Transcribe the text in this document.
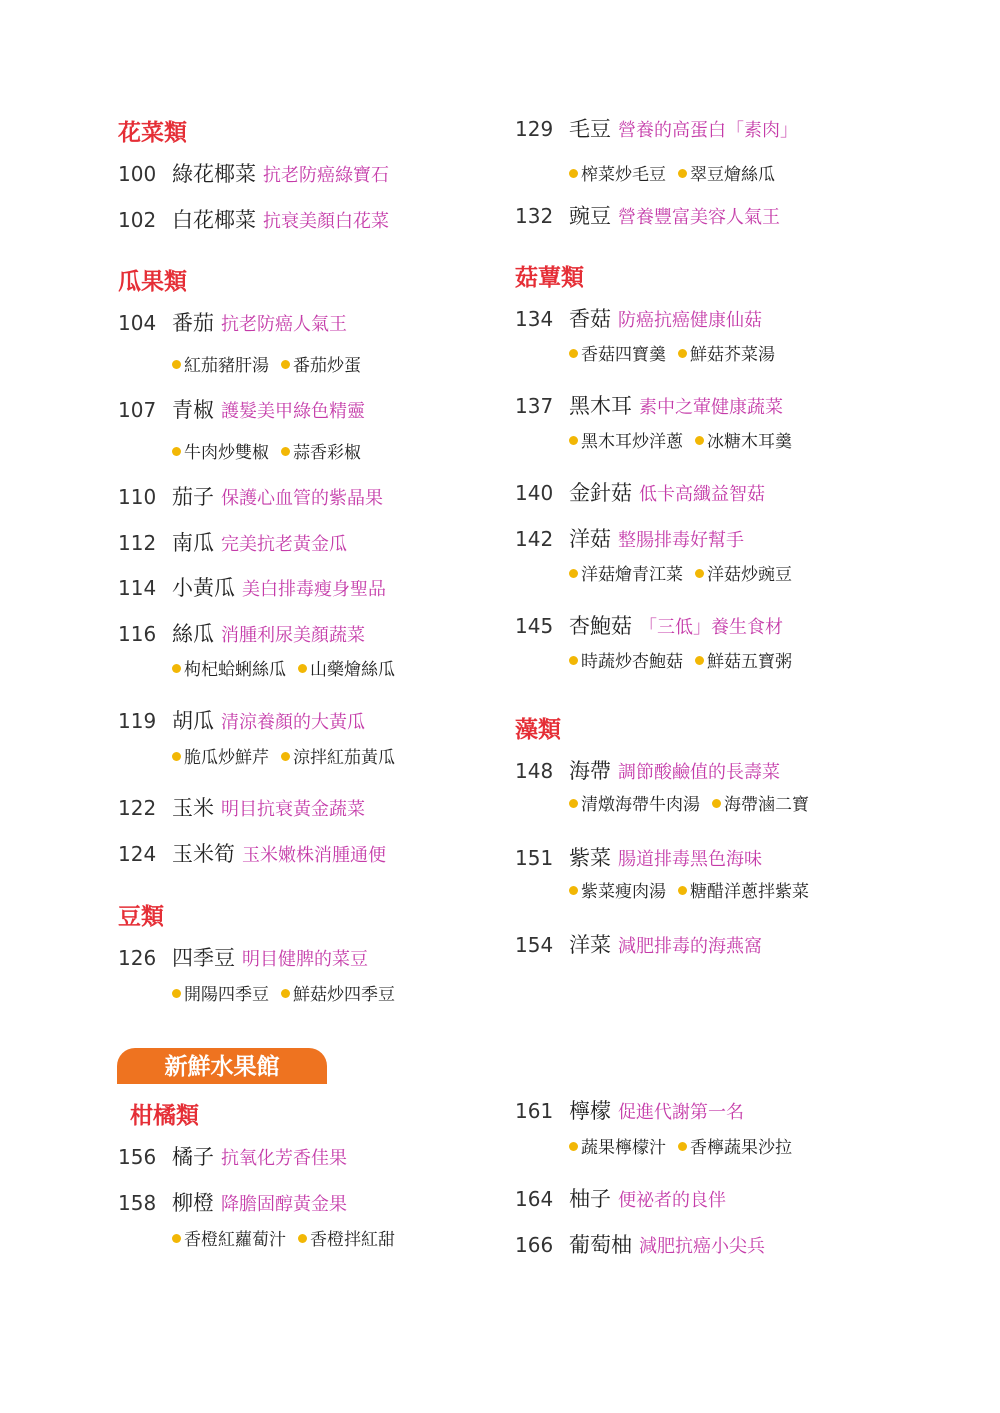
花菜類
100 綠花椰菜 抗老防癌綠寶石
102 白花椰菜 抗衰美顏白花菜
瓜果類
104 番茄 抗老防癌人氣王
紅茄豬肝湯 番茄炒蛋
107 青椒 護髮美甲綠色精靈
牛肉炒雙椒 蒜香彩椒
110 茄子 保護心血管的紫晶果
112 南瓜 完美抗老黃金瓜
114 小黃瓜 美白排毒瘦身聖品
116 絲瓜 消腫利尿美顏蔬菜
枸杞蛤蜊絲瓜 山藥燴絲瓜
119 胡瓜 清涼養顏的大黃瓜
脆瓜炒鮮芹 涼拌紅茄黃瓜
122 玉米 明目抗衰黃金蔬菜
124 玉米筍 玉米嫩株消腫通便
豆類
126 四季豆 明目健脾的菜豆
開陽四季豆 鮮菇炒四季豆
柑橘類
156 橘子 抗氧化芳香佳果
158 柳橙 降膽固醇黃金果
香橙紅蘿蔔汁 香橙拌紅甜
新鮮水果館
129 毛豆 營養的高蛋白「素肉」
榨菜炒毛豆 翠豆燴絲瓜
132 豌豆 營養豐富美容人氣王
菇蕈類
134 香菇 防癌抗癌健康仙菇
香菇四寶羹 鮮菇芥菜湯
137 黑木耳 素中之葷健康蔬菜
黑木耳炒洋蔥 冰糖木耳羹
140 金針菇 低卡高纖益智菇
142 洋菇 整腸排毒好幫手
洋菇燴青江菜 洋菇炒豌豆
145 杏鮑菇 「三低」養生食材
時蔬炒杏鮑菇 鮮菇五寶粥
藻類
148 海帶 調節酸鹼值的長壽菜
清燉海帶牛肉湯 海帶滷二寶
151 紫菜 腸道排毒黑色海味
紫菜瘦肉湯 糖醋洋蔥拌紫菜
154 洋菜 減肥排毒的海燕窩
161 檸檬 促進代謝第一名
蔬果檸檬汁 香檸蔬果沙拉
164 柚子 便祕者的良伴
166 葡萄柚 減肥抗癌小尖兵
